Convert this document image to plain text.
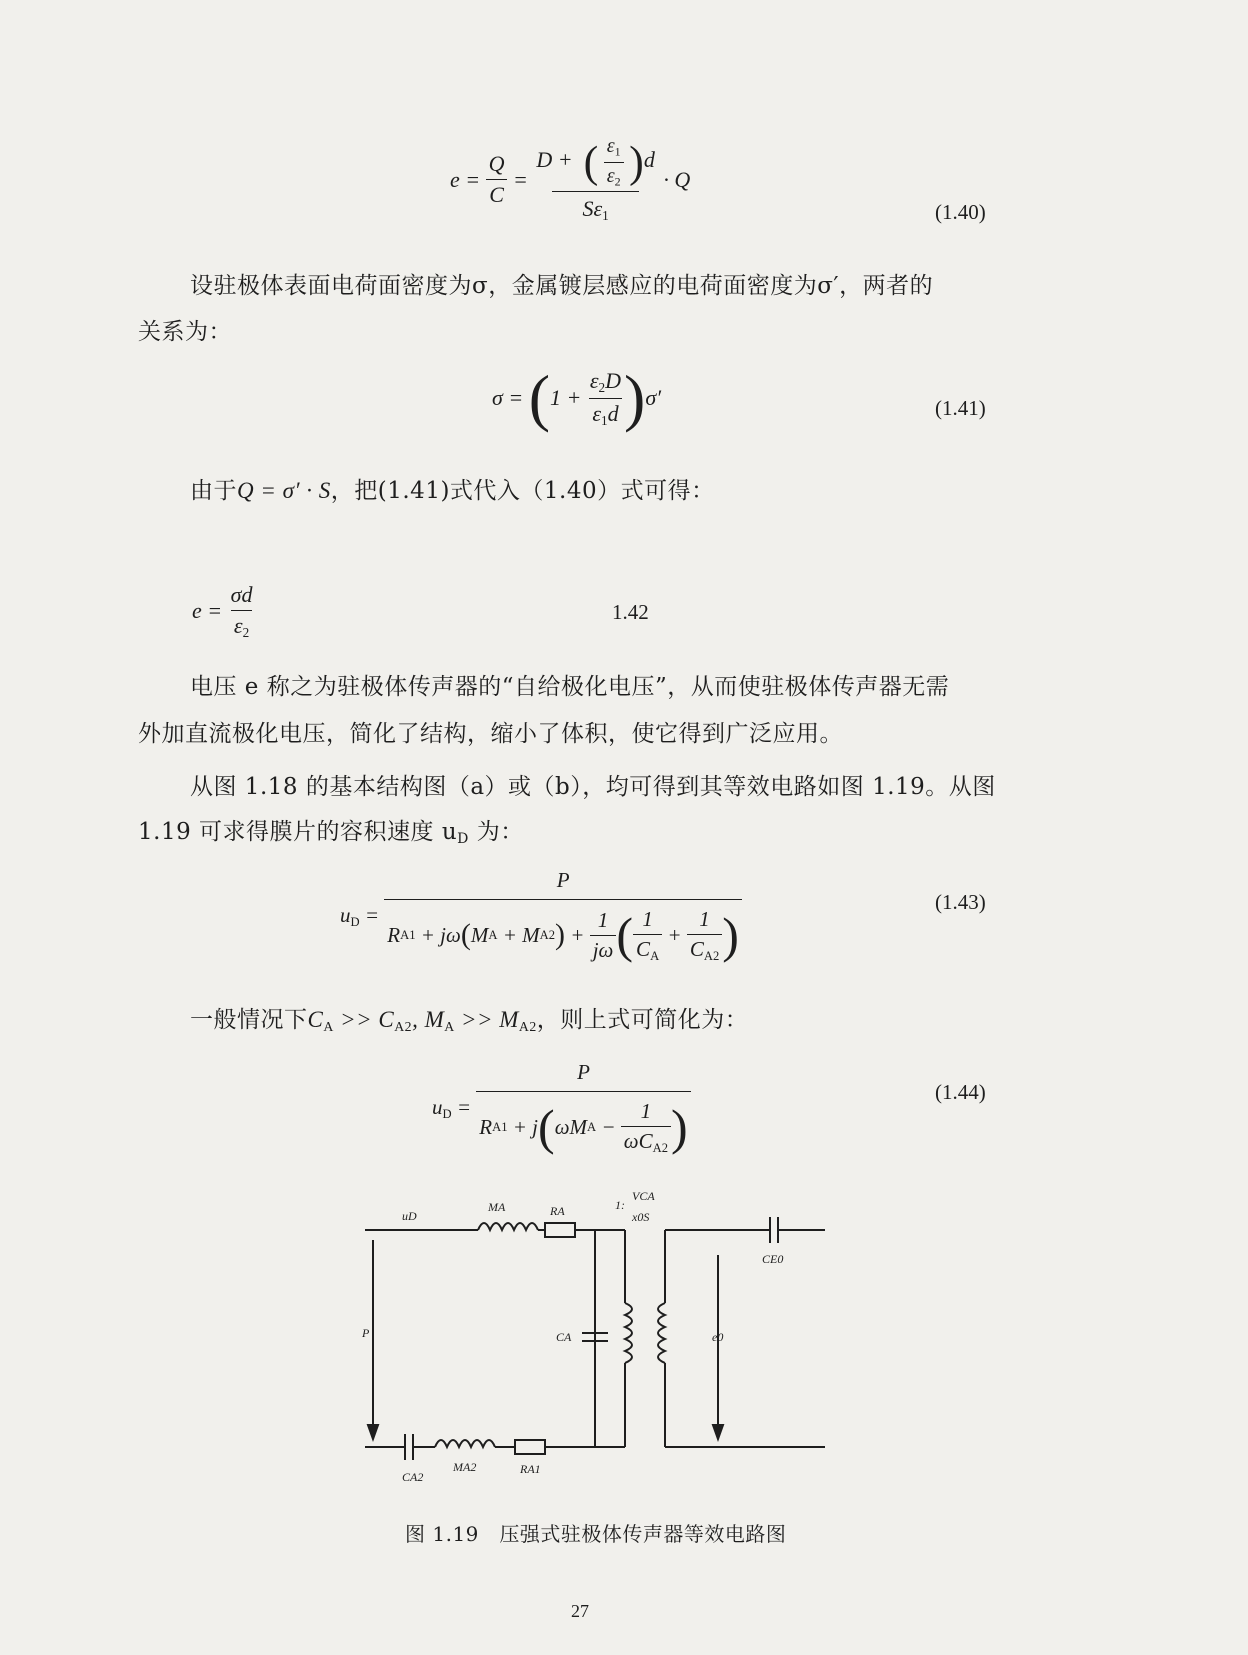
$e = \frac{Q}{C} = \frac{D + ( \frac{\varepsilon_1}{\varepsilon_2} )d}{S\varepsilon_1} \cdot Q$
(1.40)
设驻极体表面电荷面密度为σ，金属镀层感应的电荷面密度为σ′，两者的
关系为：
σ = ( $1 + \frac{\varepsilon_2D}{\varepsilon_1d}$ ) σ′	(1.41)
由于Q = σ′ · S，把(1.41)式代入（1.40）式可得：
$e = \frac{\sigma d}{\varepsilon_2}$	1.42
电压 e 称之为驻极体传声器的“自给极化电压”，从而使驻极体传声器无需
外加直流极化电压，简化了结构，缩小了体积，使它得到广泛应用。
从图 1.18 的基本结构图（a）或（b），均可得到其等效电路如图 1.19。从图
1.19 可求得膜片的容积速度 uD 为：
$u_D$ =
P
R A1 + jω ( M A + M A2 ) + $\frac{1}{j\omega}$ ( $\frac{1}{C_A} + \frac{1}{C_{A2}}$ )
(1.43)
一般情况下$C_A >> C_{A2}$, $M_A >> M_{A2}$，则上式可简化为：
$u_D = \frac{P}{R A1 + j ( \omega M A - \frac{1}{\omega C_{A2}} )}$	(1.44)
uD
MA	RA	1:
VCA
x0S
CE0
P	CA	e0
CA2
MA2	RA1
图 1.19　压强式驻极体传声器等效电路图
27
